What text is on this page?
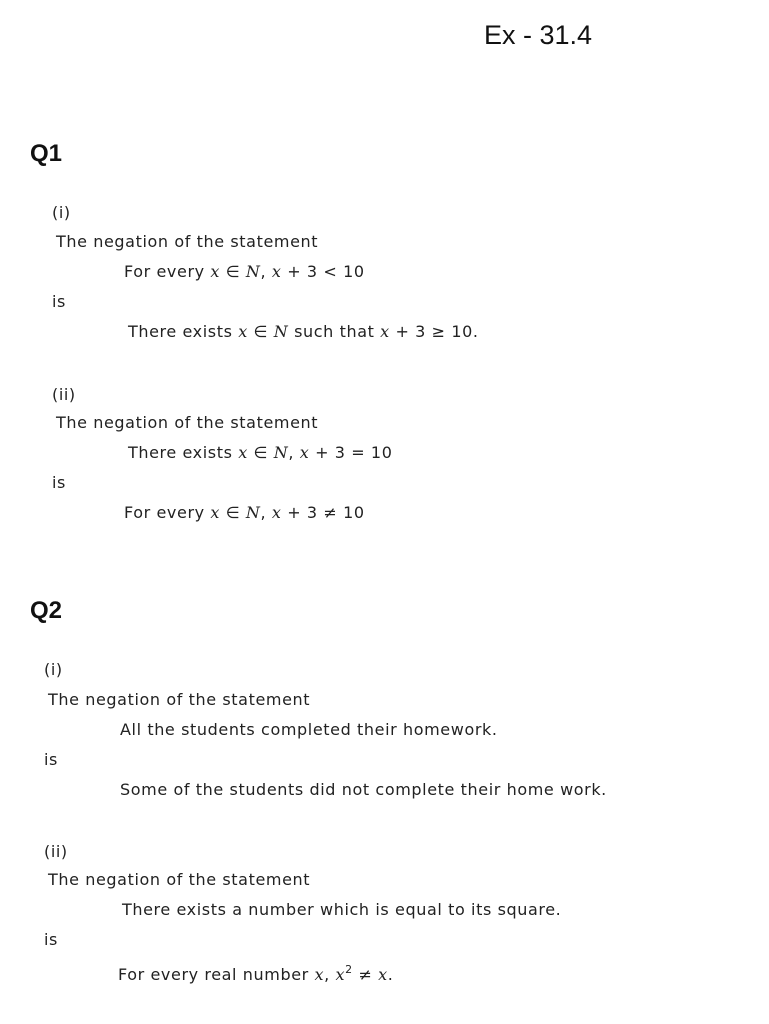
Ex - 31.4
Q1
(i)
The negation of the statement
For every x ∈ N, x + 3 < 10
is
There exists x ∈ N such that x + 3 ≥ 10.
(ii)
The negation of the statement
There exists x ∈ N, x + 3 = 10
is
For every x ∈ N, x + 3 ≠ 10
Q2
(i)
The negation of the statement
All the students completed their homework.
is
Some of the students did not complete their home work.
(ii)
The negation of the statement
There exists a number which is equal to its square.
is
For every real number x, $x^2 \ne x$.
